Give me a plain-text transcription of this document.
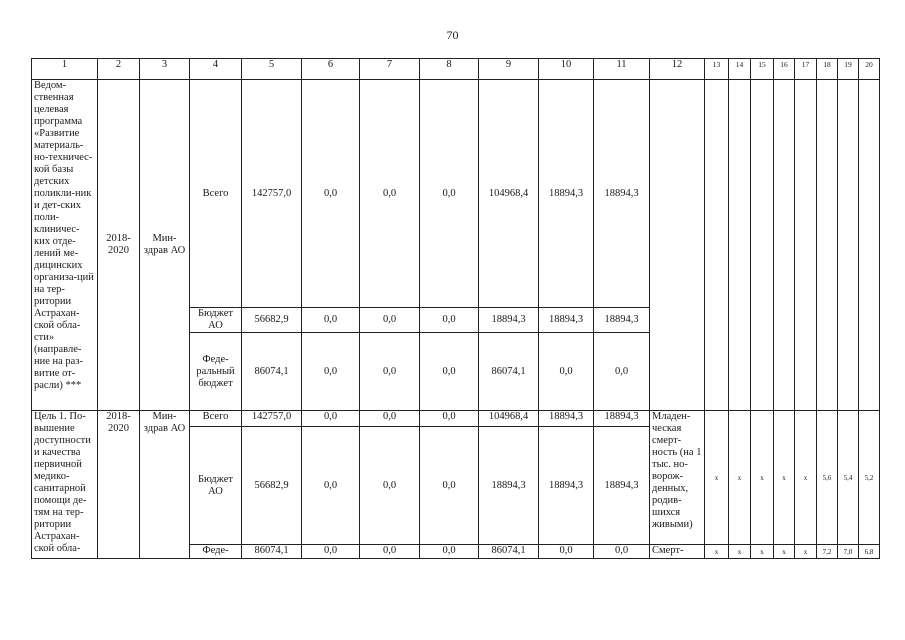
70
1	2	3	4	5	6	7	8	9	10	11	12	13	14	15	16	17	18	19	20
Ведом-ственная целевая программа «Развитие материаль-но-техничес-кой базы детских поликли-ник и дет-ских поли-клиничес-ких отде-лений ме-дицинских организа-ций на тер-ритории Астрахан-ской обла-сти» (направле-ние на раз-витие от-расли) ***	2018-2020	Мин-здрав АО	Всего	142757,0	0,0	0,0	0,0	104968,4	18894,3	18894,3									
			Бюджет АО	56682,9	0,0	0,0	0,0	18894,3	18894,3	18894,3									
			Феде-ральный бюджет	86074,1	0,0	0,0	0,0	86074,1	0,0	0,0									
Цель 1. По-вышение доступности и качества первичной медико-санитарной помощи де-тям на тер-ритории Астрахан-ской обла-	2018-2020	Мин-здрав АО	Всего	142757,0	0,0	0,0	0,0	104968,4	18894,3	18894,3	Младен-ческая смерт-ность (на 1 тыс. но-ворож-денных, родив-шихся живыми)	х	х	х	х	х	5,6	5,4	5,2
			Бюджет АО	56682,9	0,0	0,0	0,0	18894,3	18894,3	18894,3									
			Феде-	86074,1	0,0	0,0	0,0	86074,1	0,0	0,0	Смерт-	х	х	х	х	х	7,2	7,0	6,8
